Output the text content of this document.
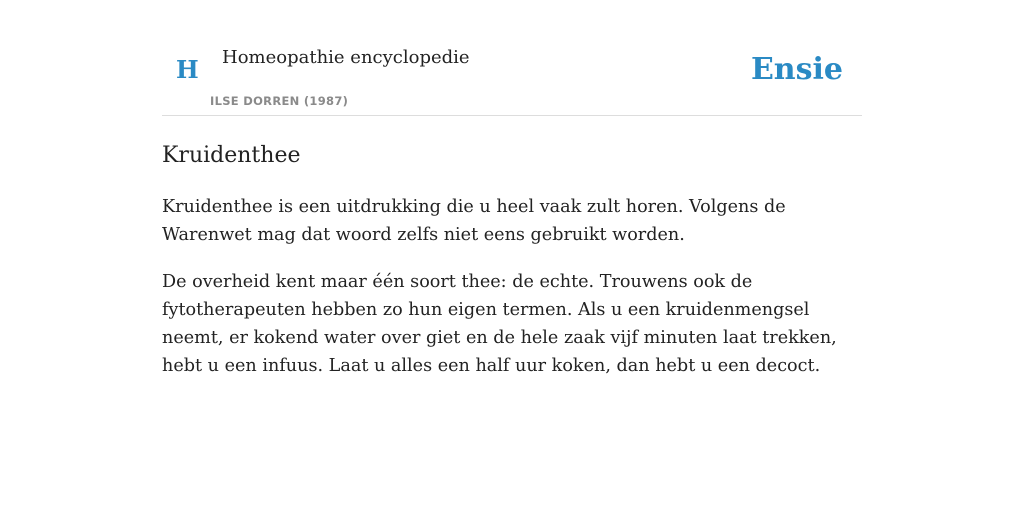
H Homeopathie encyclopedie
ILSE DORREN (1987)
Ensie
Kruidenthee

Kruidenthee is een uitdrukking die u heel vaak zult horen. Volgens de Warenwet mag dat woord zelfs niet eens gebruikt worden.

De overheid kent maar één soort thee: de echte. Trouwens ook de fytotherapeuten hebben zo hun eigen termen. Als u een kruidenmengsel neemt, er kokend water over giet en de hele zaak vijf minuten laat trekken, hebt u een infuus. Laat u alles een half uur koken, dan hebt u een decoct.
